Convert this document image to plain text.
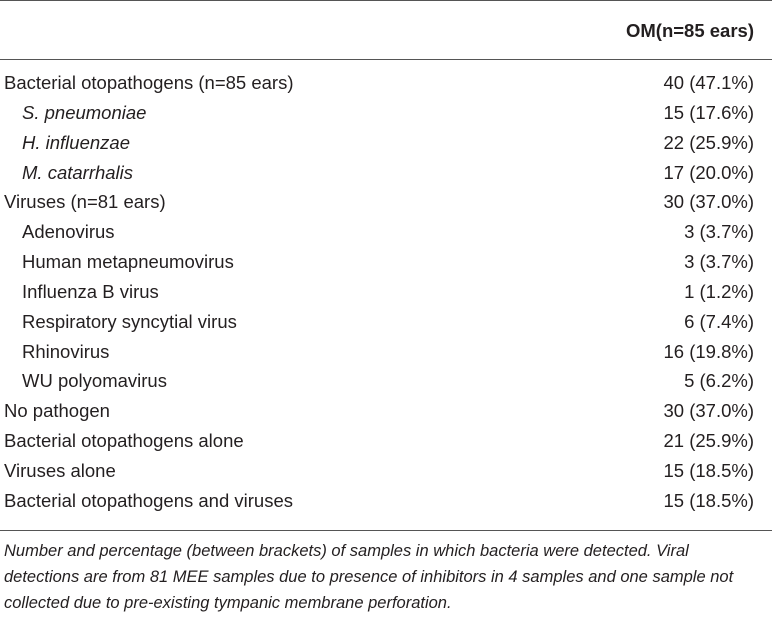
OM(n=85 ears)
Bacterial otopathogens (n=85 ears)	40 (47.1%)
S. pneumoniae	15 (17.6%)
H. influenzae	22 (25.9%)
M. catarrhalis	17 (20.0%)
Viruses (n=81 ears)	30 (37.0%)
Adenovirus	3 (3.7%)
Human metapneumovirus	3 (3.7%)
Influenza B virus	1 (1.2%)
Respiratory syncytial virus	6 (7.4%)
Rhinovirus	16 (19.8%)
WU polyomavirus	5 (6.2%)
No pathogen	30 (37.0%)
Bacterial otopathogens alone	21 (25.9%)
Viruses alone	15 (18.5%)
Bacterial otopathogens and viruses	15 (18.5%)
Number and percentage (between brackets) of samples in which bacteria were detected. Viral detections are from 81 MEE samples due to presence of inhibitors in 4 samples and one sample not collected due to pre-existing tympanic membrane perforation.
